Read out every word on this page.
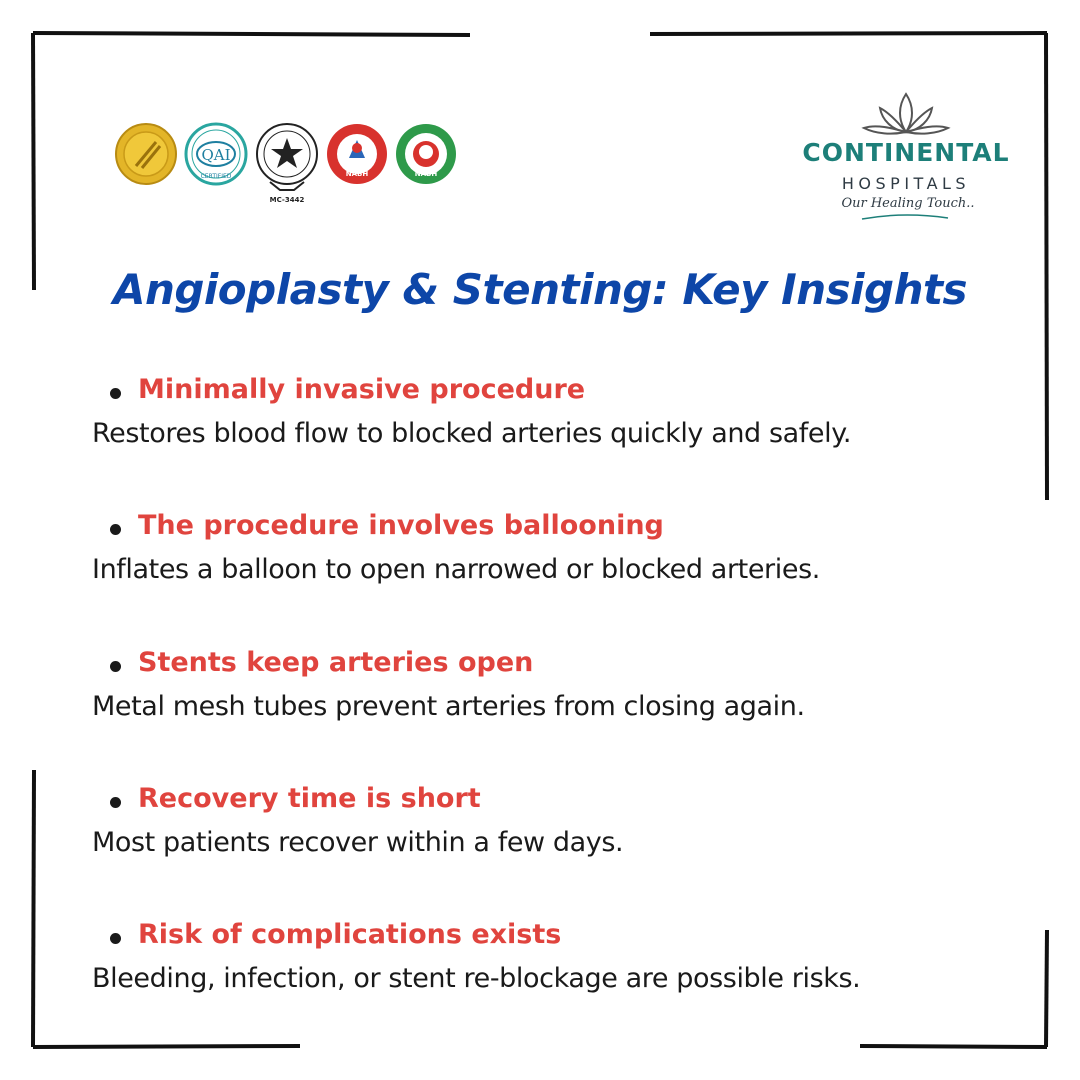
QAI
CERTIFIED
MC-3442
NABH	NABH
CONTINENTAL
HOSPITALS
Our Healing Touch..
Angioplasty & Stenting: Key Insights
Minimally invasive procedure
Restores blood flow to blocked arteries quickly and safely.
The procedure involves ballooning
Inflates a balloon to open narrowed or blocked arteries.
Stents keep arteries open
Metal mesh tubes prevent arteries from closing again.
Recovery time is short
Most patients recover within a few days.
Risk of complications exists
Bleeding, infection, or stent re-blockage are possible risks.
